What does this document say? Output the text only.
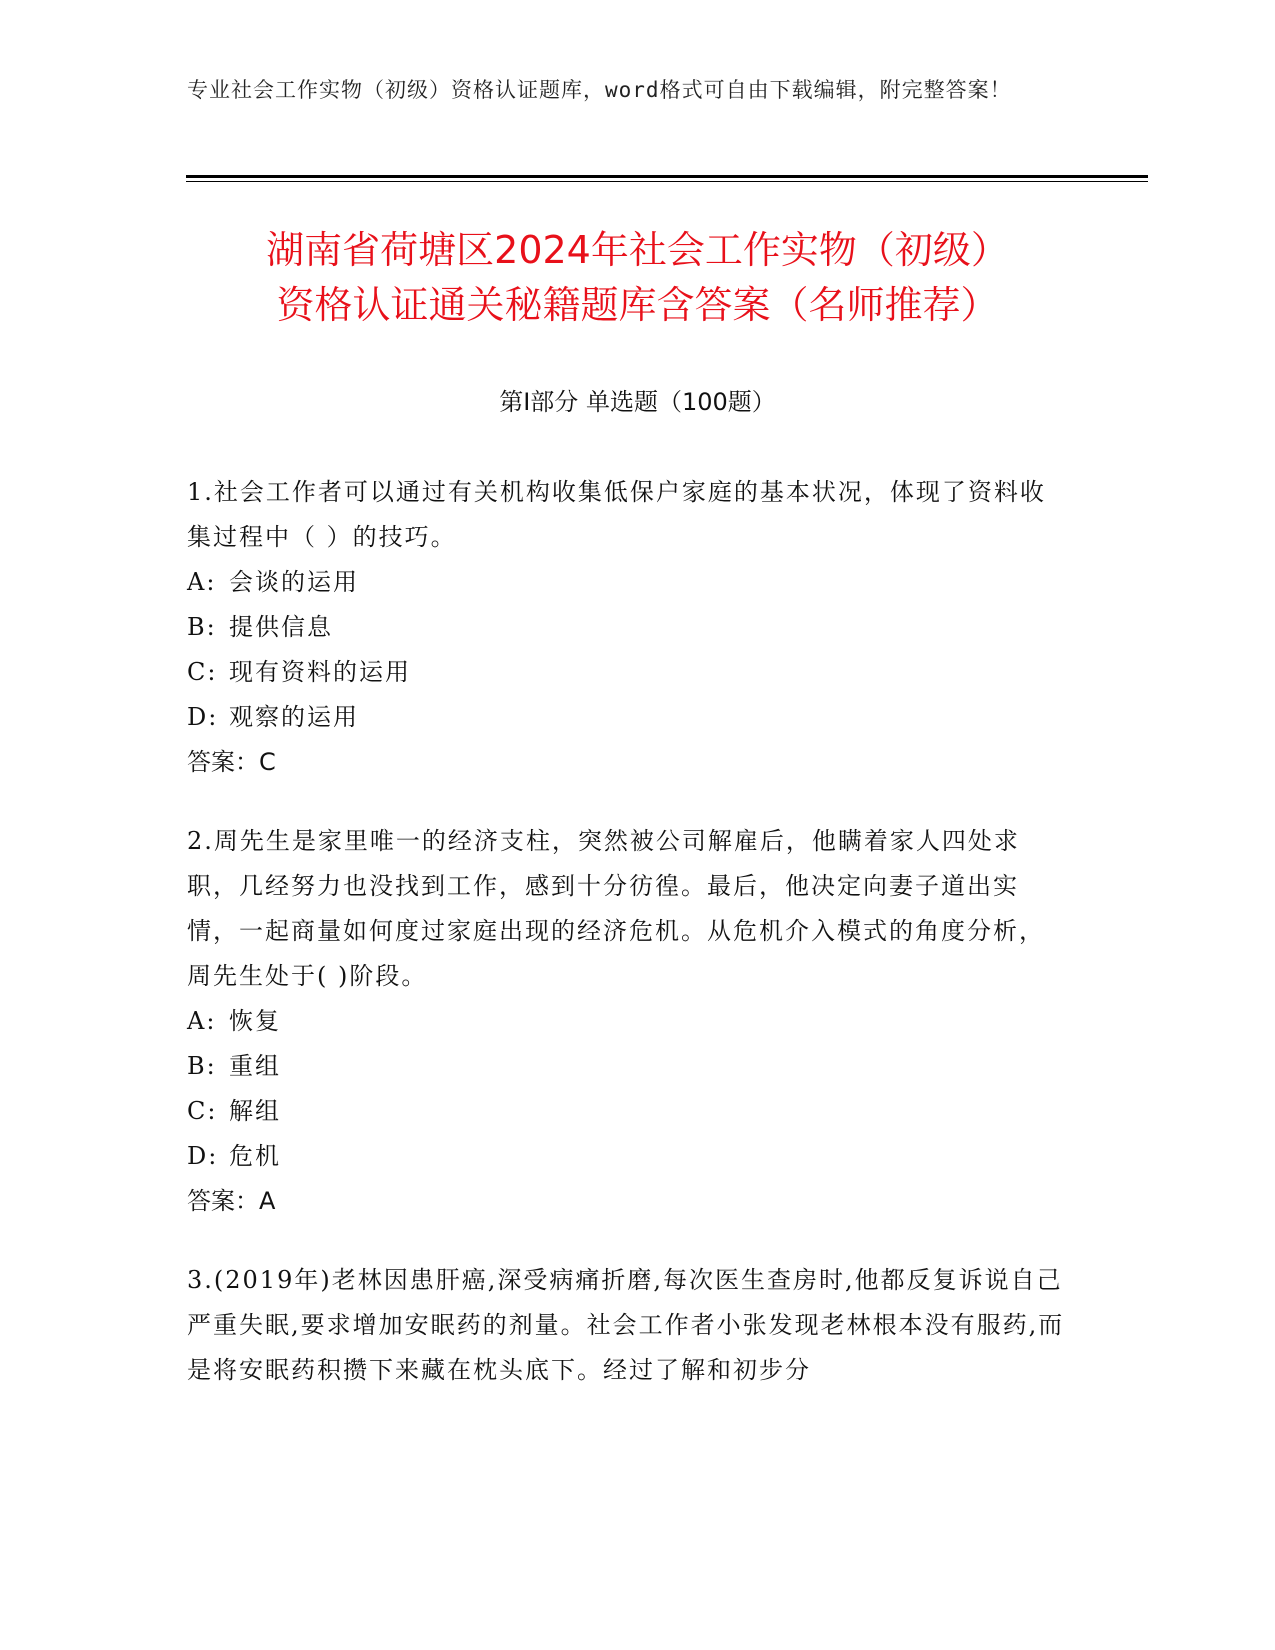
专业社会工作实物（初级）资格认证题库，word格式可自由下载编辑，附完整答案！
湖南省荷塘区2024年社会工作实物（初级）
资格认证通关秘籍题库含答案（名师推荐）
第Ⅰ部分 单选题（100题）
1.社会工作者可以通过有关机构收集低保户家庭的基本状况，体现了资料收集过程中（ ）的技巧。
A: 会谈的运用
B: 提供信息
C: 现有资料的运用
D: 观察的运用
答案：C
2.周先生是家里唯一的经济支柱，突然被公司解雇后，他瞒着家人四处求职，几经努力也没找到工作，感到十分彷徨。最后，他决定向妻子道出实情，一起商量如何度过家庭出现的经济危机。从危机介入模式的角度分析，周先生处于( )阶段。
A: 恢复
B: 重组
C: 解组
D: 危机
答案：A
3.(2019年)老林因患肝癌,深受病痛折磨,每次医生查房时,他都反复诉说自己严重失眠,要求增加安眠药的剂量。社会工作者小张发现老林根本没有服药,而是将安眠药积攒下来藏在枕头底下。经过了解和初步分
